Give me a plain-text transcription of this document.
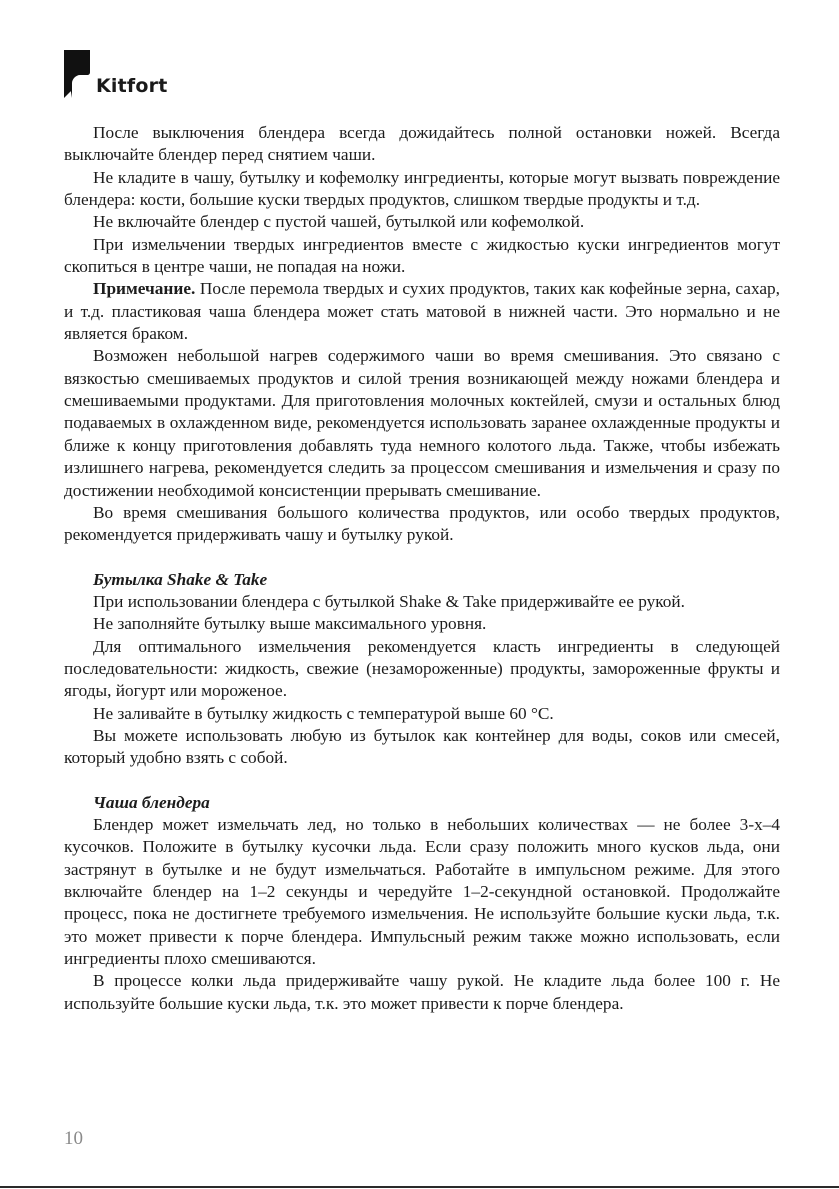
Kitfort

После выключения блендера всегда дожидайтесь полной остановки ножей. Всегда выключайте блендер перед снятием чаши.

Не кладите в чашу, бутылку и кофемолку ингредиенты, которые могут вызвать повреждение блендера: кости, большие куски твердых продуктов, слишком твердые продукты и т.д.

Не включайте блендер с пустой чашей, бутылкой или кофемолкой.

При измельчении твердых ингредиентов вместе с жидкостью куски ингредиентов могут скопиться в центре чаши, не попадая на ножи.

Примечание. После перемола твердых и сухих продуктов, таких как кофейные зерна, сахар, и т.д. пластиковая чаша блендера может стать матовой в нижней части. Это нормально и не является браком.

Возможен небольшой нагрев содержимого чаши во время смешивания. Это связано с вязкостью смешиваемых продуктов и силой трения возникающей между ножами блендера и смешиваемыми продуктами. Для приготовления молочных коктейлей, смузи и остальных блюд подаваемых в охлажденном виде, рекомендуется использовать заранее охлажденные продукты и ближе к концу приготовления добавлять туда немного колотого льда. Также, чтобы избежать излишнего нагрева, рекомендуется следить за процессом смешивания и измельчения и сразу по достижении необходимой консистенции прерывать смешивание.

Во время смешивания большого количества продуктов, или особо твердых продуктов, рекомендуется придерживать чашу и бутылку рукой.

Бутылка Shake & Take

При использовании блендера с бутылкой Shake & Take придерживайте ее рукой.

Не заполняйте бутылку выше максимального уровня.

Для оптимального измельчения рекомендуется класть ингредиенты в следующей последовательности: жидкость, свежие (незамороженные) продукты, замороженные фрукты и ягоды, йогурт или мороженое.

Не заливайте в бутылку жидкость с температурой выше 60 °C.

Вы можете использовать любую из бутылок как контейнер для воды, соков или смесей, который удобно взять с собой.

Чаша блендера

Блендер может измельчать лед, но только в небольших количествах — не более 3-х–4 кусочков. Положите в бутылку кусочки льда. Если сразу положить много кусков льда, они застрянут в бутылке и не будут измельчаться. Работайте в импульсном режиме. Для этого включайте блендер на 1–2 секунды и чередуйте 1–2-секундной остановкой. Продолжайте процесс, пока не достигнете требуемого измельчения. Не используйте большие куски льда, т.к. это может привести к порче блендера. Импульсный режим также можно использовать, если ингредиенты плохо смешиваются.

В процессе колки льда придерживайте чашу рукой. Не кладите льда более 100 г. Не используйте большие куски льда, т.к. это может привести к порче блендера.

10
